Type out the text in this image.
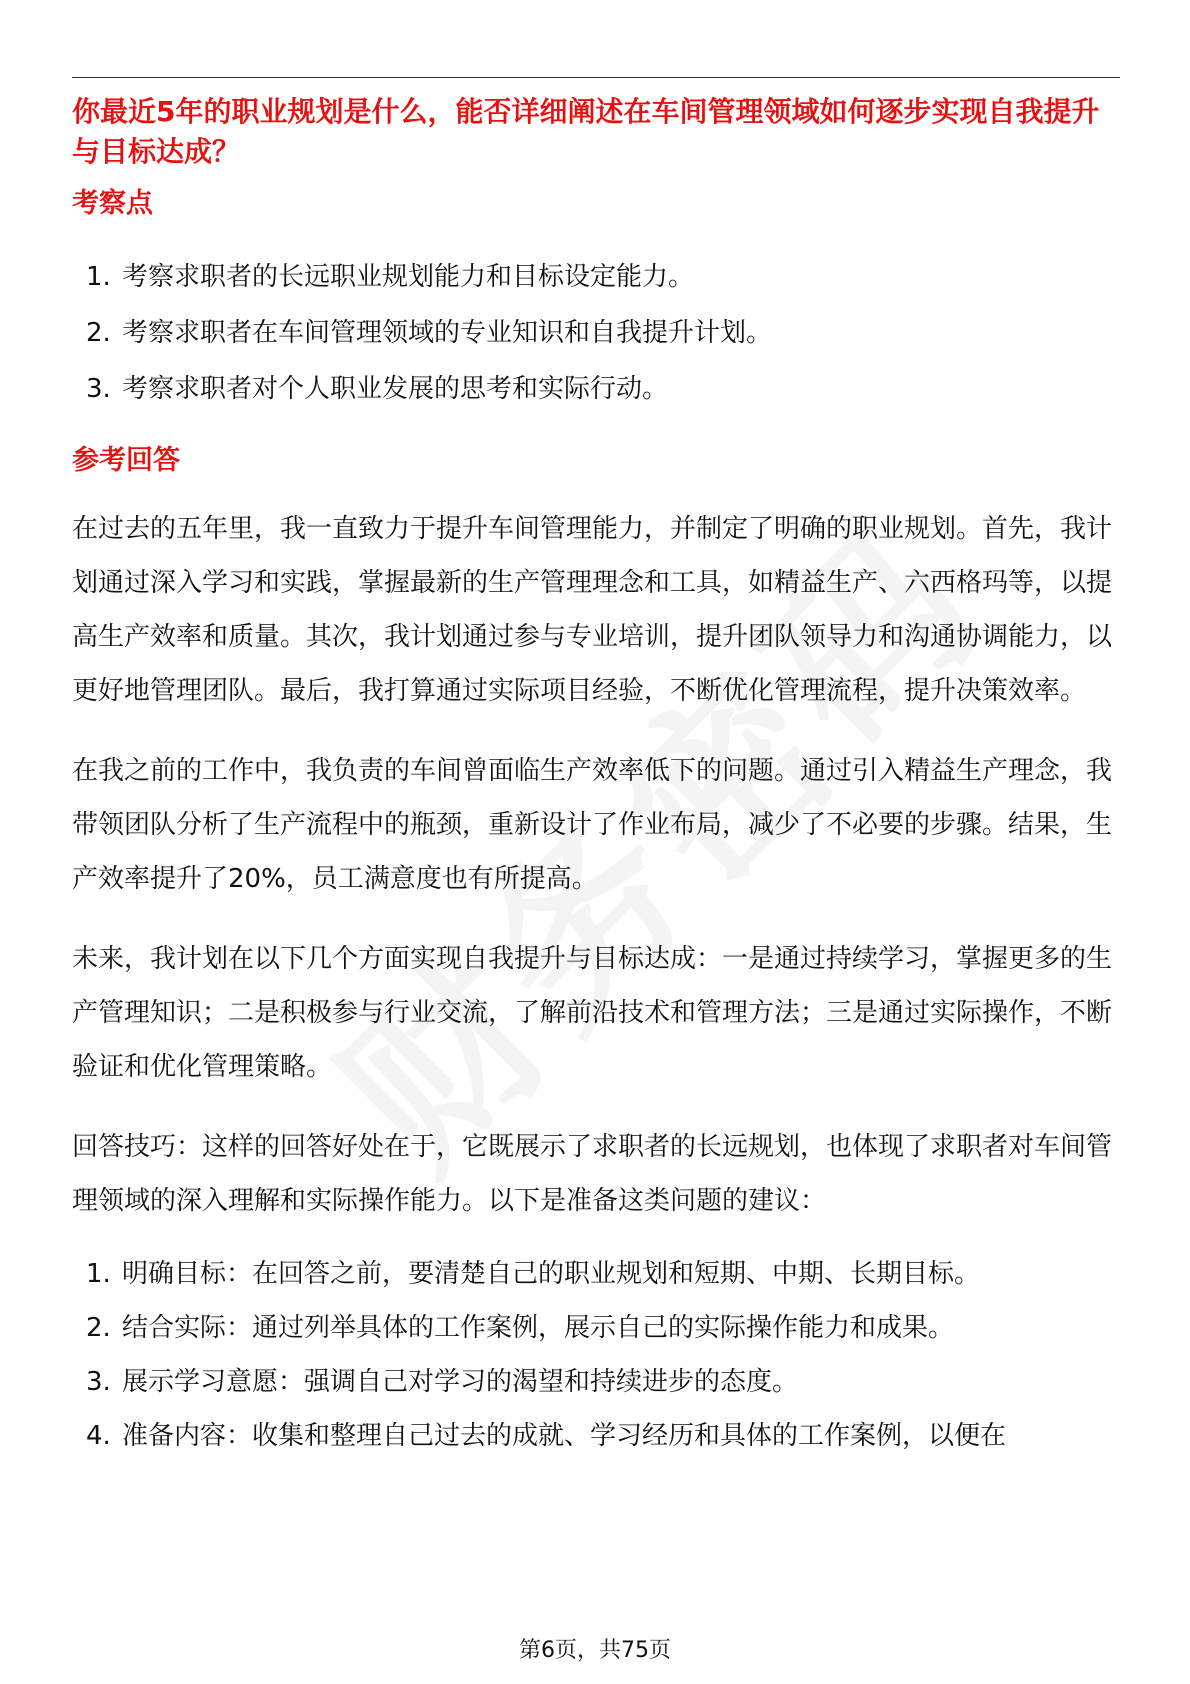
你最近5年的职业规划是什么，能否详细阐述在车间管理领域如何逐步实现自我提升与目标达成？

考察点

1. 考察求职者的长远职业规划能力和目标设定能力。
2. 考察求职者在车间管理领域的专业知识和自我提升计划。
3. 考察求职者对个人职业发展的思考和实际行动。

参考回答

在过去的五年里，我一直致力于提升车间管理能力，并制定了明确的职业规划。首先，我计划通过深入学习和实践，掌握最新的生产管理理念和工具，如精益生产、六西格玛等，以提高生产效率和质量。其次，我计划通过参与专业培训，提升团队领导力和沟通协调能力，以更好地管理团队。最后，我打算通过实际项目经验，不断优化管理流程，提升决策效率。

在我之前的工作中，我负责的车间曾面临生产效率低下的问题。通过引入精益生产理念，我带领团队分析了生产流程中的瓶颈，重新设计了作业布局，减少了不必要的步骤。结果，生产效率提升了20%，员工满意度也有所提高。

未来，我计划在以下几个方面实现自我提升与目标达成：一是通过持续学习，掌握更多的生产管理知识；二是积极参与行业交流，了解前沿技术和管理方法；三是通过实际操作，不断验证和优化管理策略。

回答技巧：这样的回答好处在于，它既展示了求职者的长远规划，也体现了求职者对车间管理领域的深入理解和实际操作能力。以下是准备这类问题的建议：

1. 明确目标：在回答之前，要清楚自己的职业规划和短期、中期、长期目标。
2. 结合实际：通过列举具体的工作案例，展示自己的实际操作能力和成果。
3. 展示学习意愿：强调自己对学习的渴望和持续进步的态度。
4. 准备内容：收集和整理自己过去的成就、学习经历和具体的工作案例，以便在
第6页，共75页
